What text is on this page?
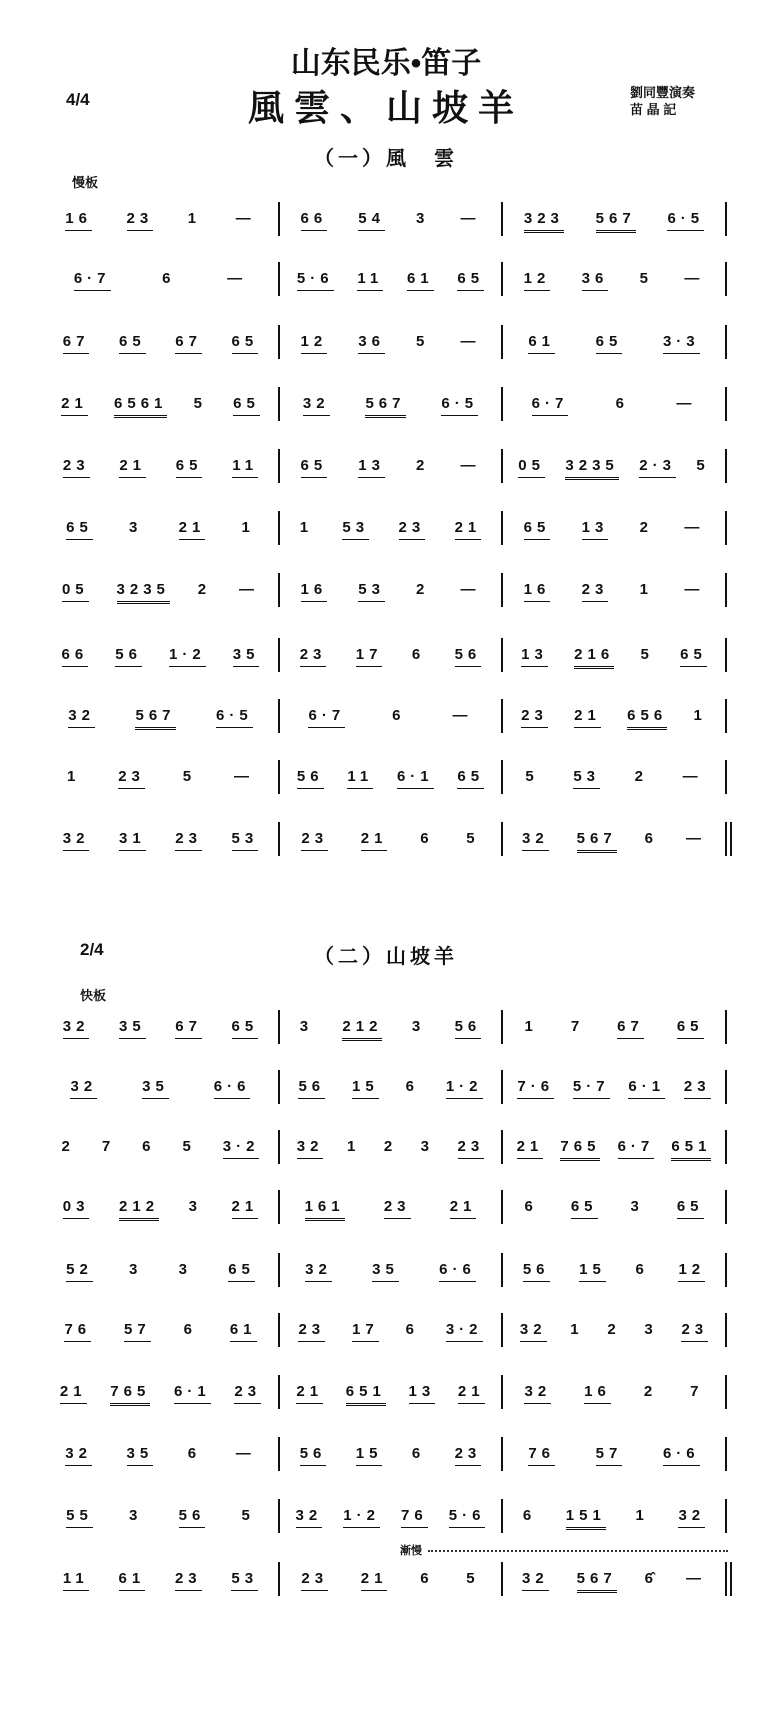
山东民乐•笛子
風雲、山坡羊	劉同豐演奏
苗 晶 記
4/4
（一）風　雲
慢板
2/4	（二）山坡羊
快板
漸慢
16 23 1 —	66 54 3 —	323 567 6·5
6·7	6	—	5·6 11 61 65	12 36 5 —
67 65 67 65	12 36 5 —	61	65	3·3
21 6561 5 65	32 567 6·5	6·7	6	—
23 21 65 11	65 13 2 —	05 3235 2·3 5
65 3 21 1	1 53 23 21	65 13 2 —
05 3235 2 —	16 53 2 —	16 23 1 —
66 56 1·2 35	23 17 6 56	13 216 5 65
32	567	6·5	6·7	6	—	23 21 656 1
1	23	5	—	56 11 6·1 65	5 53 2 —
32 31 23 53	23 21 6 5	32 567 6 —
32 35 67 65	3 212 3 56	1 7 67 65
32	35	6·6	56 15 6 1·2 7·6 5·7 6·1 23
2 7 6 5 3·2 32 1 2 3 23 21 765 6·7 651
03 212 3 21	161	23	21	6 65 3 65
52 3 3 65	32	35	6·6	56 15 6 12
76 57 6 61	23 17 6 3·2 32 1 2 3 23
21 765 6·1 23 21 651 13 21	32 16 2 7
32 35 6 —	56 15 6 23	76	57	6·6
55 3 56 5	32 1·2 76 5·6 6 151 1 32
11 61 23 53	23 21 6 5	32 567 6̂ —
